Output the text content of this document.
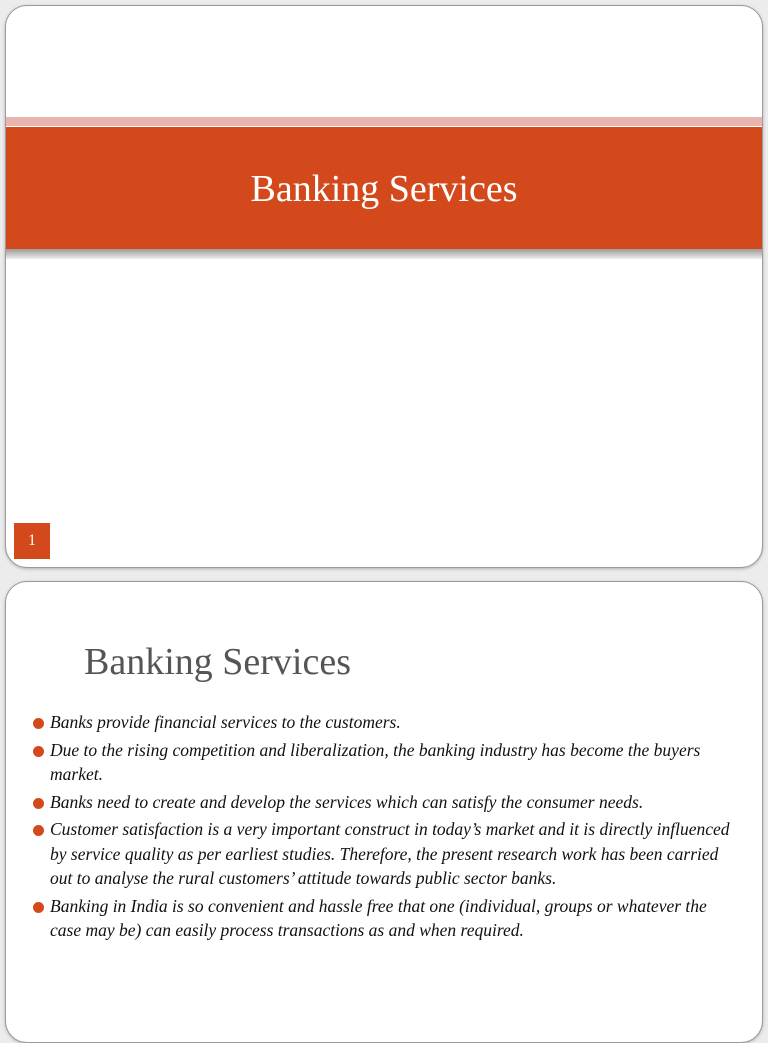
Banking Services
1
Banking Services
Banks provide financial services to the customers.
Due to the rising competition and liberalization, the banking industry has become the buyers market.
Banks need to create and develop the services which can satisfy the consumer needs.
Customer satisfaction is a very important construct in today’s market and it is directly influenced by service quality as per earliest studies. Therefore, the present research work has been carried out to analyse the rural customers’ attitude towards public sector banks.
Banking in India is so convenient and hassle free that one (individual, groups or whatever the case may be) can easily process transactions as and when required.
